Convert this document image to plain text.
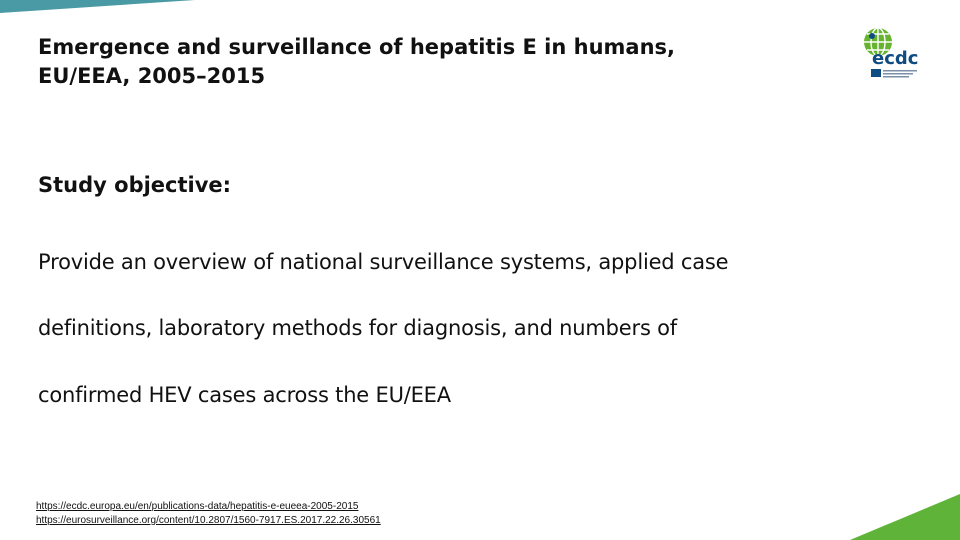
Emergence and surveillance of hepatitis E in humans,
EU/EEA, 2005–2015
ecdc
Study objective:
Provide an overview of national surveillance systems, applied case
definitions, laboratory methods for diagnosis, and numbers of
confirmed HEV cases across the EU/EEA
https://ecdc.europa.eu/en/publications-data/hepatitis-e-eueea-2005-2015
https://eurosurveillance.org/content/10.2807/1560-7917.ES.2017.22.26.30561
